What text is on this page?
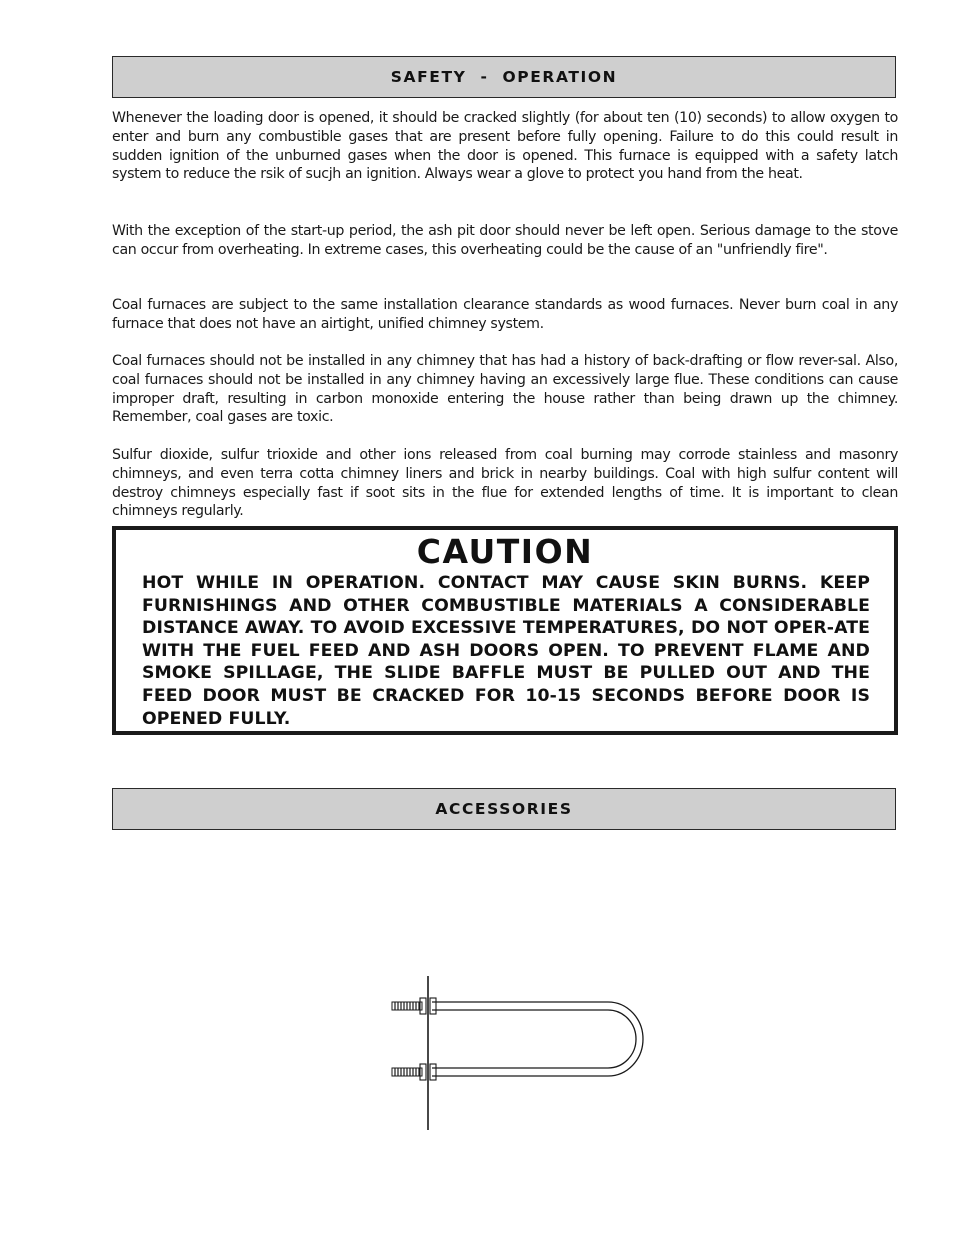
SAFETY  -  OPERATION

Whenever the loading door is opened, it should be cracked slightly (for about ten (10) seconds) to allow oxygen to enter and burn any combustible gases that are present before fully opening. Failure to do this could result in sudden ignition of the unburned gases when the door is opened. This furnace is equipped with a safety latch system to reduce the rsik of sucjh an ignition. Always wear a glove to protect you hand from the heat.

With the exception of the start-up period, the ash pit door should never be left open. Serious damage to the stove can occur from overheating. In extreme cases, this overheating could be the cause of an "unfriendly fire".

Coal furnaces are subject to the same installation clearance standards as wood furnaces. Never burn coal in any furnace that does not have an airtight, unified chimney system.

Coal furnaces should not be installed in any chimney that has had a history of back-drafting or flow rever-sal. Also, coal furnaces should not be installed in any chimney having an excessively large flue. These conditions can cause improper draft, resulting in carbon monoxide entering the house rather than being drawn up the chimney. Remember, coal gases are toxic.

Sulfur dioxide, sulfur trioxide and other ions released from coal burning may corrode stainless and masonry chimneys, and even terra cotta chimney liners and brick in nearby buildings. Coal with high sulfur content will destroy chimneys especially fast if soot sits in the flue for extended lengths of time. It is important to clean chimneys regularly.

CAUTION

HOT WHILE IN OPERATION. CONTACT MAY CAUSE SKIN BURNS. KEEP FURNISHINGS AND OTHER COMBUSTIBLE MATERIALS A CONSIDERABLE DISTANCE AWAY. TO AVOID EXCESSIVE TEMPERATURES, DO NOT OPER-ATE WITH THE FUEL FEED AND ASH DOORS OPEN. TO PREVENT FLAME AND SMOKE SPILLAGE, THE SLIDE BAFFLE MUST BE PULLED OUT AND THE FEED DOOR MUST BE CRACKED FOR 10-15 SECONDS BEFORE DOOR IS OPENED FULLY.

ACCESSORIES
